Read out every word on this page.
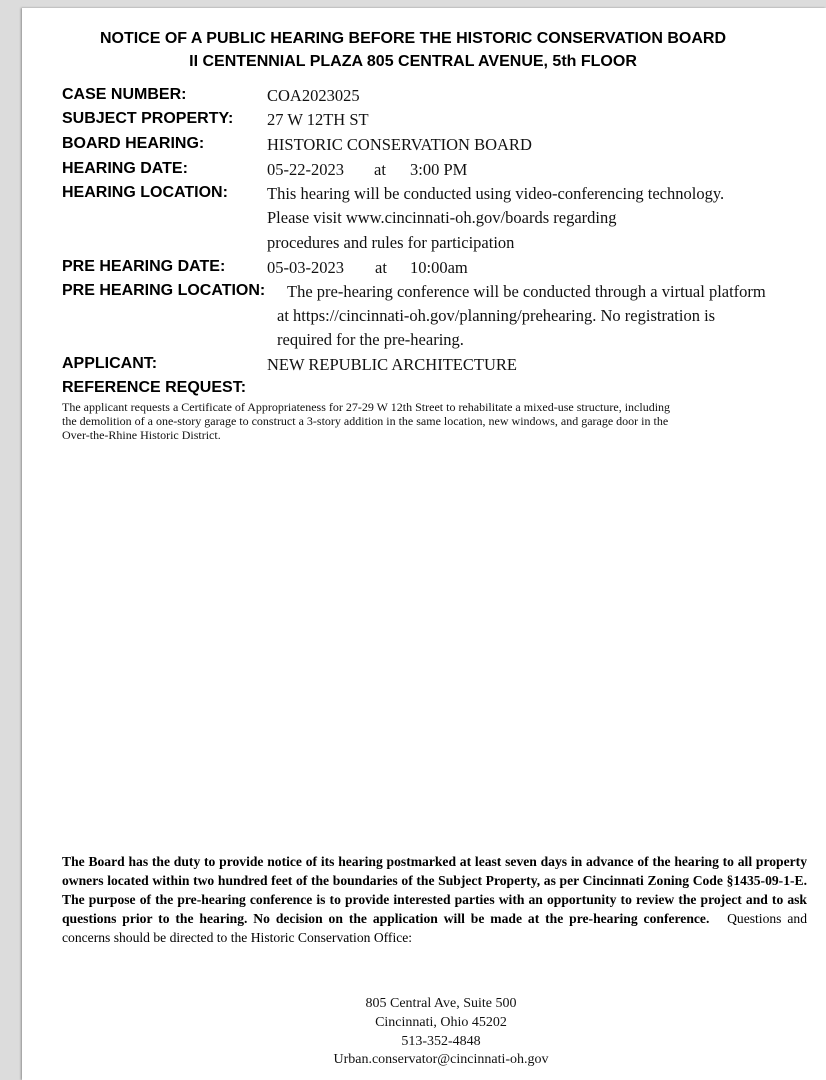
NOTICE OF A PUBLIC HEARING BEFORE THE HISTORIC CONSERVATION BOARD
II CENTENNIAL PLAZA 805 CENTRAL AVENUE, 5th FLOOR
CASE NUMBER:	COA2023025
SUBJECT PROPERTY: 27 W 12TH ST
BOARD HEARING:	HISTORIC CONSERVATION BOARD
HEARING DATE:	05-22-2023 at 3:00 PM
HEARING LOCATION: This hearing will be conducted using video-conferencing technology.
Please visit www.cincinnati-oh.gov/boards regarding
procedures and rules for participation
PRE HEARING DATE:	05-03-2023 at 10:00am
PRE HEARING LOCATION: The pre-hearing conference will be conducted through a virtual platform
at https://cincinnati-oh.gov/planning/prehearing. No registration is
required for the pre-hearing.
APPLICANT:	NEW REPUBLIC ARCHITECTURE
REFERENCE REQUEST:
The applicant requests a Certificate of Appropriateness for 27-29 W 12th Street to rehabilitate a mixed-use structure, including
the demolition of a one-story garage to construct a 3-story addition in the same location, new windows, and garage door in the
Over-the-Rhine Historic District.
The Board has the duty to provide notice of its hearing postmarked at least seven days in advance of the hearing to all property owners located within two hundred feet of the boundaries of the Subject Property, as per Cincinnati Zoning Code §1435-09-1-E. The purpose of the pre-hearing conference is to provide interested parties with an opportunity to review the project and to ask questions prior to the hearing. No decision on the application will be made at the pre-hearing conference. Questions and concerns should be directed to the Historic Conservation Office:
805 Central Ave, Suite 500
Cincinnati, Ohio 45202
513-352-4848
Urban.conservator@cincinnati-oh.gov
